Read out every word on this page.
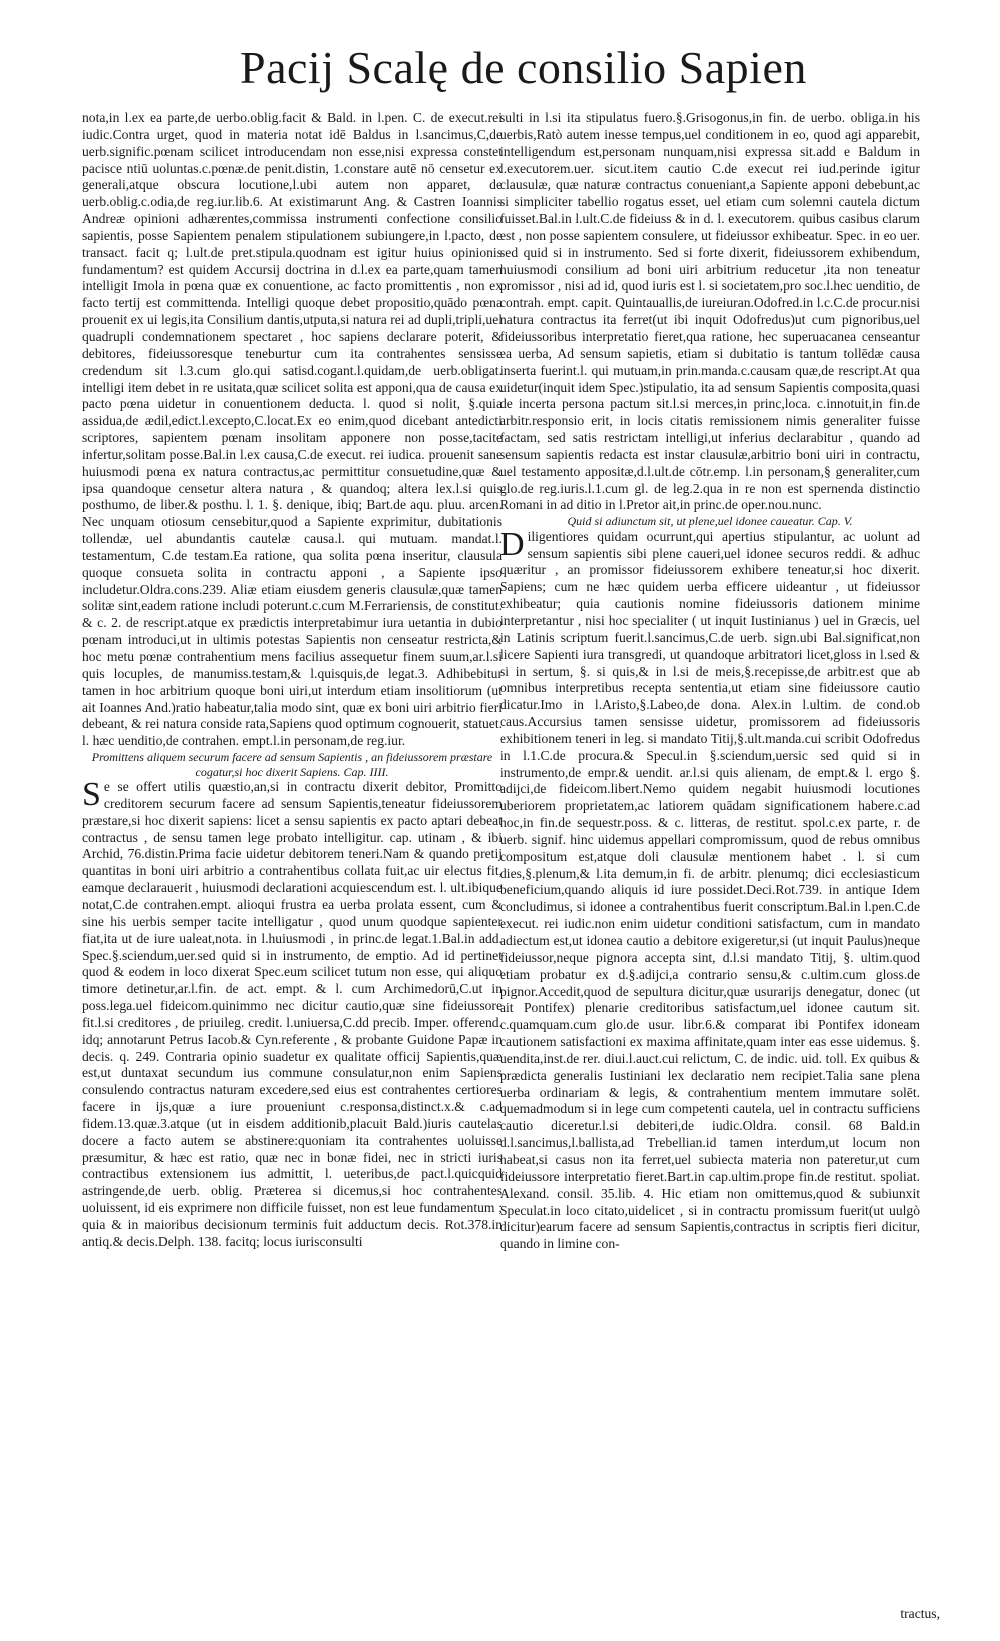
Pacij Scalę de consilio Sapien

nota,in l.ex ea parte,de uerbo.oblig.facit & Bald. in l.pen. C. de execut.rei iudic.Contra urget, quod in materia notat idē Baldus in l.sancimus,C,de uerb.signific.pœnam scilicet introducendam non esse,nisi expressa constet pacisce ntiū uoluntas.c.pœnæ.de penit.distin, 1.constare autē nō censetur ex generali,atque obscura locutione,l.ubi autem non apparet, de uerb.oblig.c.odia,de reg.iur.lib.6. At existimarunt Ang. & Castren Ioannis Andreæ opinioni adhærentes,commissa instrumenti confectione consilio sapientis, posse Sapientem penalem stipulationem subiungere,in l.pacto, de transact. facit q; l.ult.de pret.stipula.quodnam est igitur huius opinionis fundamentum? est quidem Accursij doctrina in d.l.ex ea parte,quam tamen intelligit Imola in pœna quæ ex conuentione, ac facto promittentis , non ex facto tertij est committenda. Intelligi quoque debet propositio,quādo pœna prouenit ex ui legis,ita Consilium dantis,utputa,si natura rei ad dupli,tripli,uel quadrupli condemnationem spectaret , hoc sapiens declarare poterit, & debitores, fideiussoresque teneburtur cum ita contrahentes sensisse credendum sit l.3.cum glo.qui satisd.cogant.l.quidam,de uerb.obligat. intelligi item debet in re usitata,quæ scilicet solita est apponi,qua de causa ex pacto pœna uidetur in conuentionem deducta. l. quod si nolit, §.quia assidua,de ædil,edict.l.excepto,C.locat.Ex eo enim,quod dicebant antedicti scriptores, sapientem pœnam insolitam apponere non posse,tacite infertur,solitam posse.Bal.in l.ex causa,C.de execut. rei iudica. prouenit sane huiusmodi pœna ex natura contractus,ac permittitur consuetudine,quæ & ipsa quandoque censetur altera natura , & quandoq; altera lex.l.si quis posthumo, de liber.& posthu. l. 1. §. denique, ibiq; Bart.de aqu. pluu. arcen. Nec unquam otiosum censebitur,quod a Sapiente exprimitur, dubitationis tollendæ, uel abundantis cautelæ causa.l. qui mutuam. mandat.l. testamentum, C.de testam.Ea ratione, qua solita pœna inseritur, clausula quoque consueta solita in contractu apponi , a Sapiente ipso includetur.Oldra.cons.239. Aliæ etiam eiusdem generis clausulæ,quæ tamen solitæ sint,eadem ratione includi poterunt.c.cum M.Ferrariensis, de constitut. & c. 2. de rescript.atque ex prædictis interpretabimur iura uetantia in dubio pœnam introduci,ut in ultimis potestas Sapientis non censeatur restricta,& hoc metu pœnæ contrahentium mens facilius assequetur finem suum,ar.l.si quis locuples, de manumiss.testam,& l.quisquis,de legat.3. Adhibebitur tamen in hoc arbitrium quoque boni uiri,ut interdum etiam insolitiorum (ut ait Ioannes And.)ratio habeatur,talia modo sint, quæ ex boni uiri arbitrio fieri debeant, & rei natura conside rata,Sapiens quod optimum cognouerit, statuet. l. hæc uenditio,de contrahen. empt.l.in personam,de reg.iur.

Promittens aliquem securum facere ad sensum Sapientis , an fideiussorem præstare cogatur,si hoc dixerit Sapiens. Cap. IIII.

Se se offert utilis quæstio,an,si in contractu dixerit debitor, Promitto creditorem securum facere ad sensum Sapientis,teneatur fideiussorem præstare,si hoc dixerit sapiens: licet a sensu sapientis ex pacto aptari debeat contractus , de sensu tamen lege probato intelligitur. cap. utinam , & ibi Archid, 76.distin.Prima facie uidetur debitorem teneri.Nam & quando pretij quantitas in boni uiri arbitrio a contrahentibus collata fuit,ac uir electus fit, eamque declarauerit , huiusmodi declarationi acquiescendum est. l. ult.ibique notat,C.de contrahen.empt. alioqui frustra ea uerba prolata essent, cum & sine his uerbis semper tacite intelligatur , quod unum quodque sapienter fiat,ita ut de iure ualeat,nota. in l.huiusmodi , in princ.de legat.1.Bal.in add. Spec.§.sciendum,uer.sed quid si in instrumento, de emptio. Ad id pertinet quod & eodem in loco dixerat Spec.eum scilicet tutum non esse, qui aliquo timore detinetur,ar.l.fin. de act. empt. & l. cum Archimedorū,C.ut in poss.lega.uel fideicom.quinimmo nec dicitur cautio,quæ sine fideiussore fit.l.si creditores , de priuileg. credit. l.uniuersa,C.dd precib. Imper. offerend. idq; annotarunt Petrus Iacob.& Cyn.referente , & probante Guidone Papæ in decis. q. 249. Contraria opinio suadetur ex qualitate officij Sapientis,quæ est,ut duntaxat secundum ius commune consulatur,non enim Sapiens consulendo contractus naturam excedere,sed eius est contrahentes certiores facere in ijs,quæ a iure proueniunt c.responsa,distinct.x.& c.ad fidem.13.quæ.3.atque (ut in eisdem additionib,placuit Bald.)iuris cautelas docere a facto autem se abstinere:quoniam ita contrahentes uoluisse præsumitur, & hæc est ratio, quæ nec in bonæ fidei, nec in stricti iuris contractibus extensionem ius admittit, l. ueteribus,de pact.l.quicquid astringende,de uerb. oblig. Præterea si dicemus,si hoc contrahentes uoluissent, id eis exprimere non difficile fuisset, non est leue fundamentum ; quia & in maioribus decisionum terminis fuit adductum decis. Rot.378.in antiq.& decis.Delph. 138. facitq; locus iurisconsulti

sulti in l.si ita stipulatus fuero.§.Grisogonus,in fin. de uerbo. obliga.in his uerbis,Ratò autem inesse tempus,uel conditionem in eo, quod agi apparebit, intelligendum est,personam nunquam,nisi expressa sit.add e Baldum in l.executorem.uer. sicut.item cautio C.de execut rei iud.perinde igitur clausulæ, quæ naturæ contractus conueniant,a Sapiente apponi debebunt,ac si simpliciter tabellio rogatus esset, uel etiam cum solemni cautela dictum fuisset.Bal.in l.ult.C.de fideiuss & in d. l. executorem. quibus casibus clarum est , non posse sapientem consulere, ut fideiussor exhibeatur. Spec. in eo uer. sed quid si in instrumento. Sed si forte dixerit, fideiussorem exhibendum, huiusmodi consilium ad boni uiri arbitrium reducetur ,ita non teneatur promissor , nisi ad id, quod iuris est l. si societatem,pro soc.l.hec uenditio, de contrah. empt. capit. Quintauallis,de iureiuran.Odofred.in l.c.C.de procur.nisi natura contractus ita ferret(ut ibi inquit Odofredus)ut cum pignoribus,uel fideiussoribus interpretatio fieret,qua ratione, hec superuacanea censeantur ea uerba, Ad sensum sapietis, etiam si dubitatio is tantum tollēdæ causa inserta fuerint.l. qui mutuam,in prin.manda.c.causam quæ,de rescript.At qua uidetur(inquit idem Spec.)stipulatio, ita ad sensum Sapientis composita,quasi de incerta persona pactum sit.l.si merces,in princ,loca. c.innotuit,in fin.de arbitr.responsio erit, in locis citatis remissionem nimis generaliter fuisse factam, sed satis restrictam intelligi,ut inferius declarabitur , quando ad sensum sapientis redacta est instar clausulæ,arbitrio boni uiri in contractu, uel testamento appositæ,d.l.ult.de cōtr.emp. l.in personam,§ generaliter,cum glo.de reg.iuris.l.1.cum gl. de leg.2.qua in re non est spernenda distinctio Romani in ad ditio in l.Pretor ait,in princ.de oper.nou.nunc.

Quid si adiunctum sit, ut plene,uel idonee caueatur. Cap. V.

Diligentiores quidam ocurrunt,qui apertius stipulantur, ac uolunt ad sensum sapientis sibi plene caueri,uel idonee securos reddi. & adhuc quæritur , an promissor fideiussorem exhibere teneatur,si hoc dixerit. Sapiens; cum ne hæc quidem uerba efficere uideantur , ut fideiussor exhibeatur; quia cautionis nomine fideiussoris dationem minime interpretantur , nisi hoc specialiter ( ut inquit Iustinianus ) uel in Græcis, uel in Latinis scriptum fuerit.l.sancimus,C.de uerb. sign.ubi Bal.significat,non licere Sapienti iura transgredi, ut quandoque arbitratori licet,gloss in l.sed & si in sertum, §. si quis,& in l.si de meis,§.recepisse,de arbitr.est que ab omnibus interpretibus recepta sententia,ut etiam sine fideiussore cautio dicatur.Imo in l.Aristo,§.Labeo,de dona. Alex.in l.ultim. de cond.ob caus.Accursius tamen sensisse uidetur, promissorem ad fideiussoris exhibitionem teneri in leg. si mandato Titij,§.ult.manda.cui scribit Odofredus in l.1.C.de procura.& Specul.in §.sciendum,uersic sed quid si in instrumento,de empr.& uendit. ar.l.si quis alienam, de empt.& l. ergo §. adijci,de fideicom.libert.Nemo quidem negabit huiusmodi locutiones uberiorem proprietatem,ac latiorem quādam significationem habere.c.ad hoc,in fin.de sequestr.poss. & c. litteras, de restitut. spol.c.ex parte, r. de uerb. signif. hinc uidemus appellari compromissum, quod de rebus omnibus compositum est,atque doli clausulæ mentionem habet . l. si cum dies,§.plenum,& l.ita demum,in fi. de arbitr. plenumq; dici ecclesiasticum beneficium,quando aliquis id iure possidet.Deci.Rot.739. in antique Idem concludimus, si idonee a contrahentibus fuerit conscriptum.Bal.in l.pen.C.de execut. rei iudic.non enim uidetur conditioni satisfactum, cum in mandato adiectum est,ut idonea cautio a debitore exigeretur,si (ut inquit Paulus)neque fideiussor,neque pignora accepta sint, d.l.si mandato Titij, §. ultim.quod etiam probatur ex d.§.adijci,a contrario sensu,& c.ultim.cum gloss.de pignor.Accedit,quod de sepultura dicitur,quæ usurarijs denegatur, donec (ut ait Pontifex) plenarie creditoribus satisfactum,uel idonee cautum sit. c.quamquam.cum glo.de usur. libr.6.& comparat ibi Pontifex idoneam cautionem satisfactioni ex maxima affinitate,quam inter eas esse uidemus. §. uendita,inst.de rer. diui.l.auct.cui relictum, C. de indic. uid. toll. Ex quibus & prædicta generalis Iustiniani lex declaratio nem recipiet.Talia sane plena uerba ordinariam & legis, & contrahentium mentem immutare solēt. quemadmodum si in lege cum competenti cautela, uel in contractu sufficiens cautio diceretur.l.si debiteri,de iudic.Oldra. consil. 68 Bald.in d.l.sancimus,l.ballista,ad Trebellian.id tamen interdum,ut locum non habeat,si casus non ita ferret,uel subiecta materia non pateretur,ut cum fideiussore interpretatio fieret.Bart.in cap.ultim.prope fin.de restitut. spoliat. Alexand. consil. 35.lib. 4. Hic etiam non omittemus,quod & subiunxit Speculat.in loco citato,uidelicet , si in contractu promissum fuerit(ut uulgò dicitur)earum facere ad sensum Sapientis,contractus in scriptis fieri dicitur, quando in limine con-

tractus,
